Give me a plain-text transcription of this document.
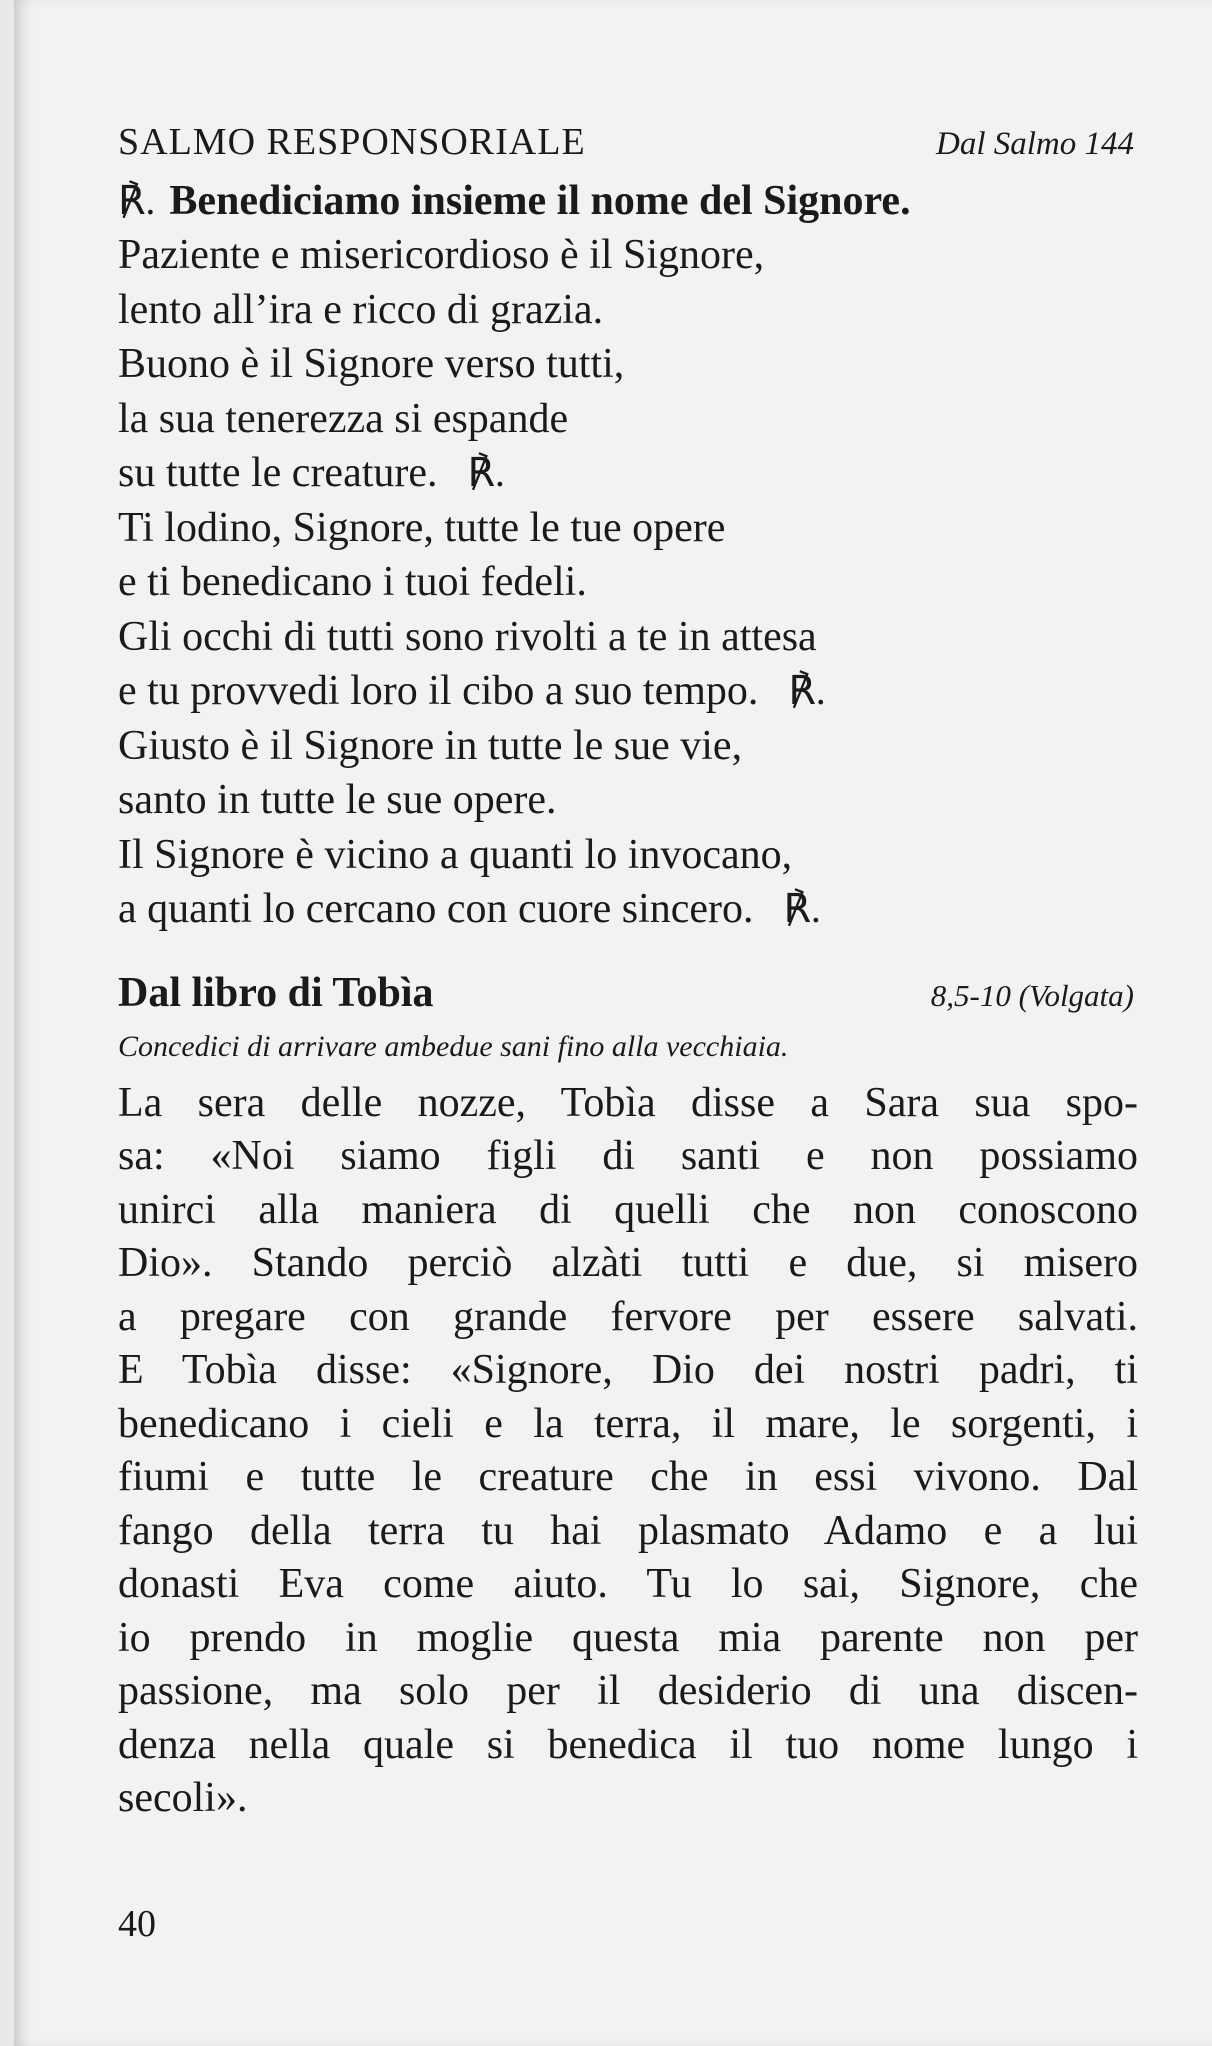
SALMO RESPONSORIALE	Dal Salmo 144
℟. Benediciamo insieme il nome del Signore.
Paziente e misericordioso è il Signore,
lento all’ira e ricco di grazia.
Buono è il Signore verso tutti,
la sua tenerezza si espande
su tutte le creature. ℟.
Ti lodino, Signore, tutte le tue opere
e ti benedicano i tuoi fedeli.
Gli occhi di tutti sono rivolti a te in attesa
e tu provvedi loro il cibo a suo tempo. ℟.
Giusto è il Signore in tutte le sue vie,
santo in tutte le sue opere.
Il Signore è vicino a quanti lo invocano,
a quanti lo cercano con cuore sincero. ℟.
Dal libro di Tobìa	8,5-10 (Volgata)
Concedici di arrivare ambedue sani fino alla vecchiaia.
La sera delle nozze, Tobìa disse a Sara sua spo-
sa: «Noi siamo figli di santi e non possiamo
unirci alla maniera di quelli che non conoscono
Dio». Stando perciò alzàti tutti e due, si misero
a pregare con grande fervore per essere salvati.
E Tobìa disse: «Signore, Dio dei nostri padri, ti
benedicano i cieli e la terra, il mare, le sorgenti, i
fiumi e tutte le creature che in essi vivono. Dal
fango della terra tu hai plasmato Adamo e a lui
donasti Eva come aiuto. Tu lo sai, Signore, che
io prendo in moglie questa mia parente non per
passione, ma solo per il desiderio di una discen-
denza nella quale si benedica il tuo nome lungo i
secoli».
40
